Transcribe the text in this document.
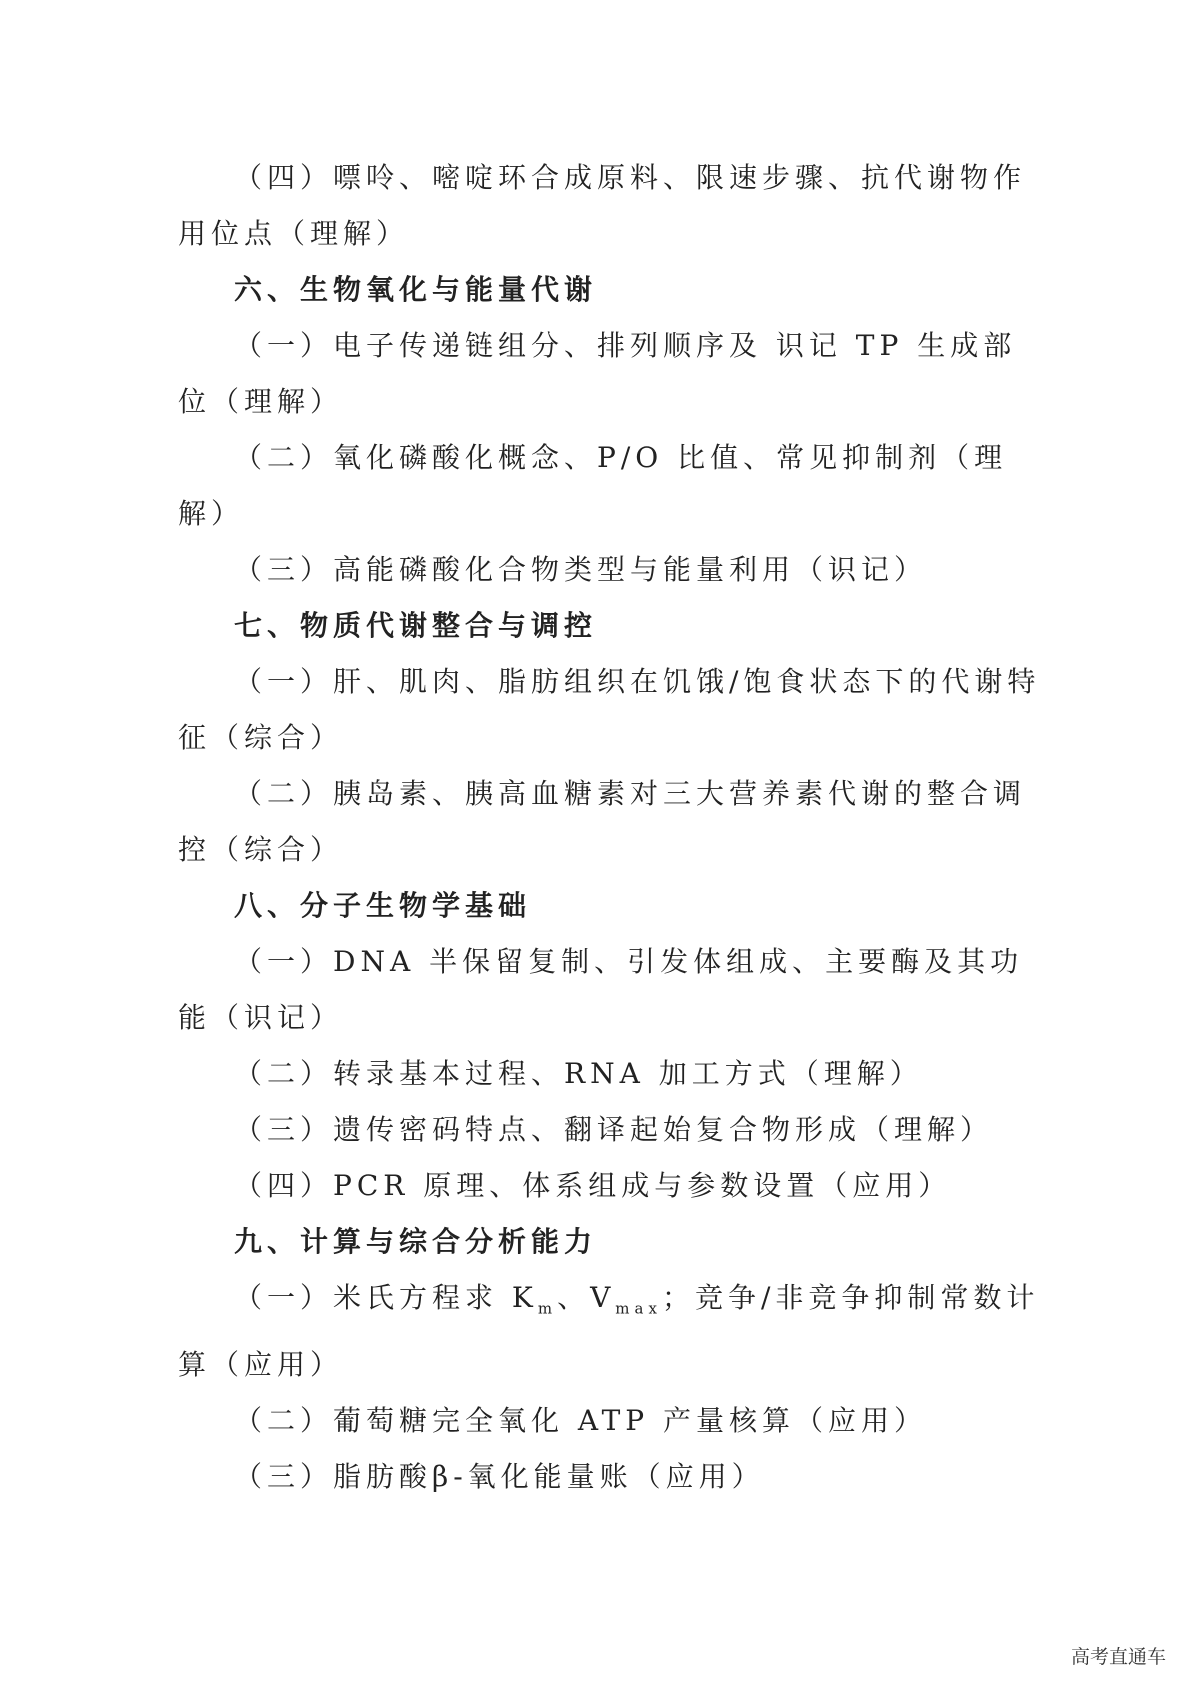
（四）嘌呤、嘧啶环合成原料、限速步骤、抗代谢物作用位点（理解）

六、生物氧化与能量代谢

（一）电子传递链组分、排列顺序及 识记 TP 生成部位（理解）

（二）氧化磷酸化概念、P/O 比值、常见抑制剂（理解）

（三）高能磷酸化合物类型与能量利用（识记）

七、物质代谢整合与调控

（一）肝、肌肉、脂肪组织在饥饿/饱食状态下的代谢特征（综合）

（二）胰岛素、胰高血糖素对三大营养素代谢的整合调控（综合）

八、分子生物学基础

（一）DNA 半保留复制、引发体组成、主要酶及其功能（识记）

（二）转录基本过程、RNA 加工方式（理解）

（三）遗传密码特点、翻译起始复合物形成（理解）

（四）PCR 原理、体系组成与参数设置（应用）

九、计算与综合分析能力

（一）米氏方程求 $K_m$、$V_{max}$；竞争/非竞争抑制常数计算（应用）

（二）葡萄糖完全氧化 ATP 产量核算（应用）

（三）脂肪酸β-氧化能量账（应用）

高考直通车
